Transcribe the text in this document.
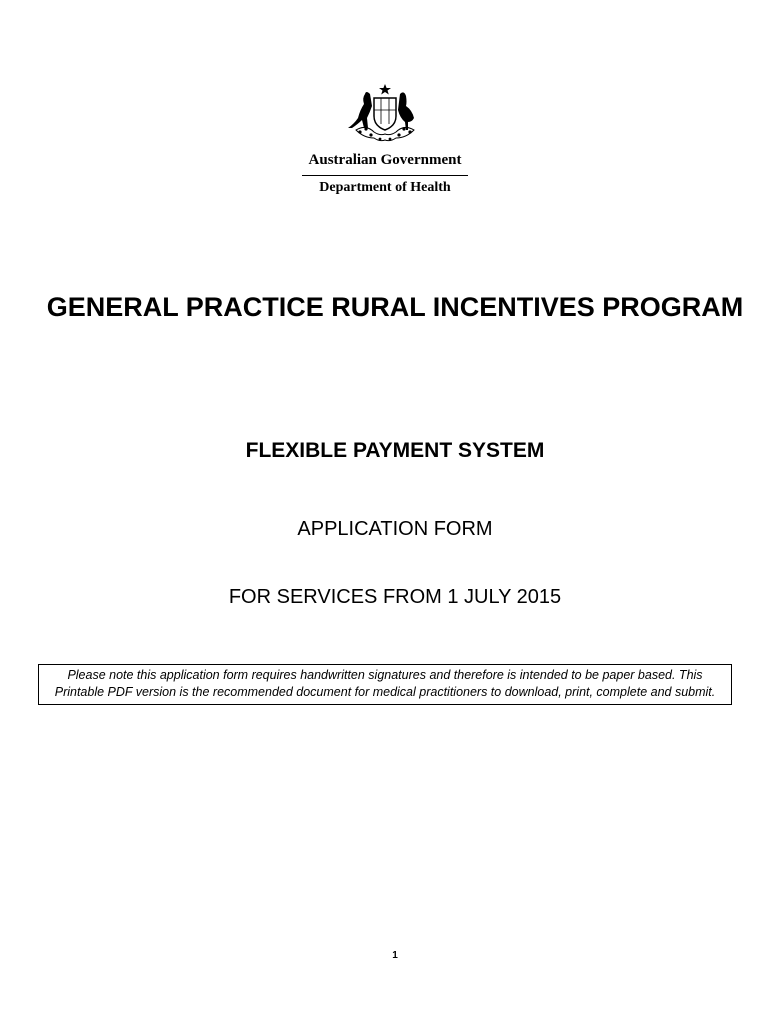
Australian Government
Department of Health
GENERAL PRACTICE RURAL INCENTIVES PROGRAM
FLEXIBLE PAYMENT SYSTEM
APPLICATION FORM
FOR SERVICES FROM 1 JULY 2015
Please note this application form requires handwritten signatures and therefore is intended to be paper based. This Printable PDF version is the recommended document for medical practitioners to download, print, complete and submit.
1
